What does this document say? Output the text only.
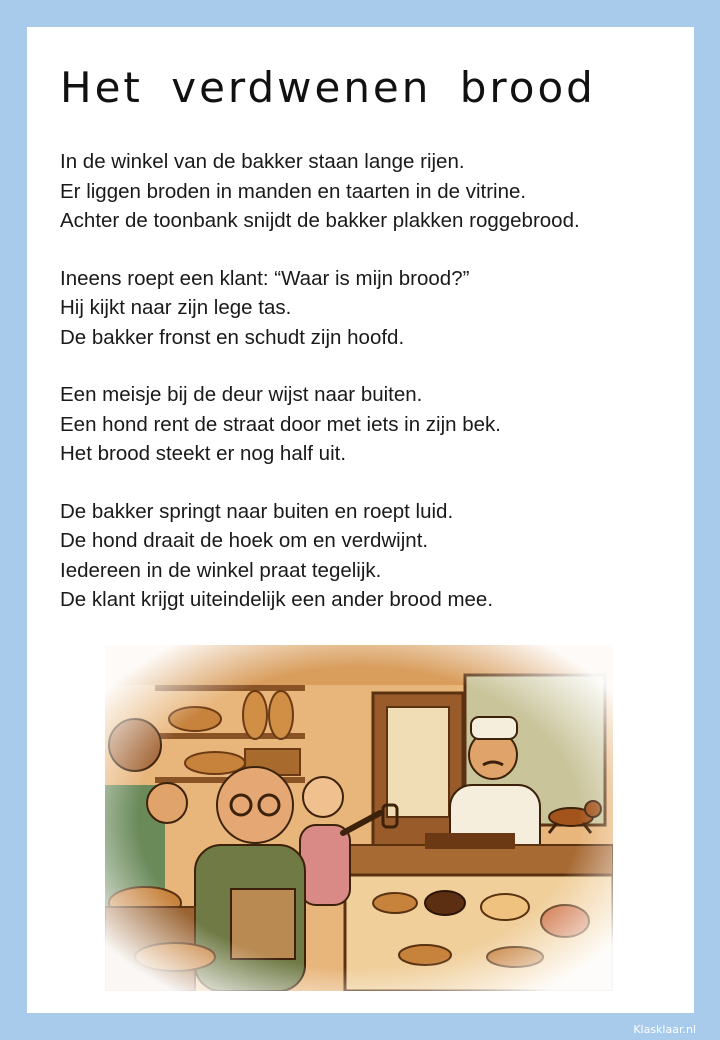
Het verdwenen brood

In de winkel van de bakker staan lange rijen.
Er liggen broden in manden en taarten in de vitrine.
Achter de toonbank snijdt de bakker plakken roggebrood.

Ineens roept een klant: “Waar is mijn brood?”
Hij kijkt naar zijn lege tas.
De bakker fronst en schudt zijn hoofd.

Een meisje bij de deur wijst naar buiten.
Een hond rent de straat door met iets in zijn bek.
Het brood steekt er nog half uit.

De bakker springt naar buiten en roept luid.
De hond draait de hoek om en verdwijnt.
Iedereen in de winkel praat tegelijk.
De klant krijgt uiteindelijk een ander brood mee.

Klasklaar.nl
